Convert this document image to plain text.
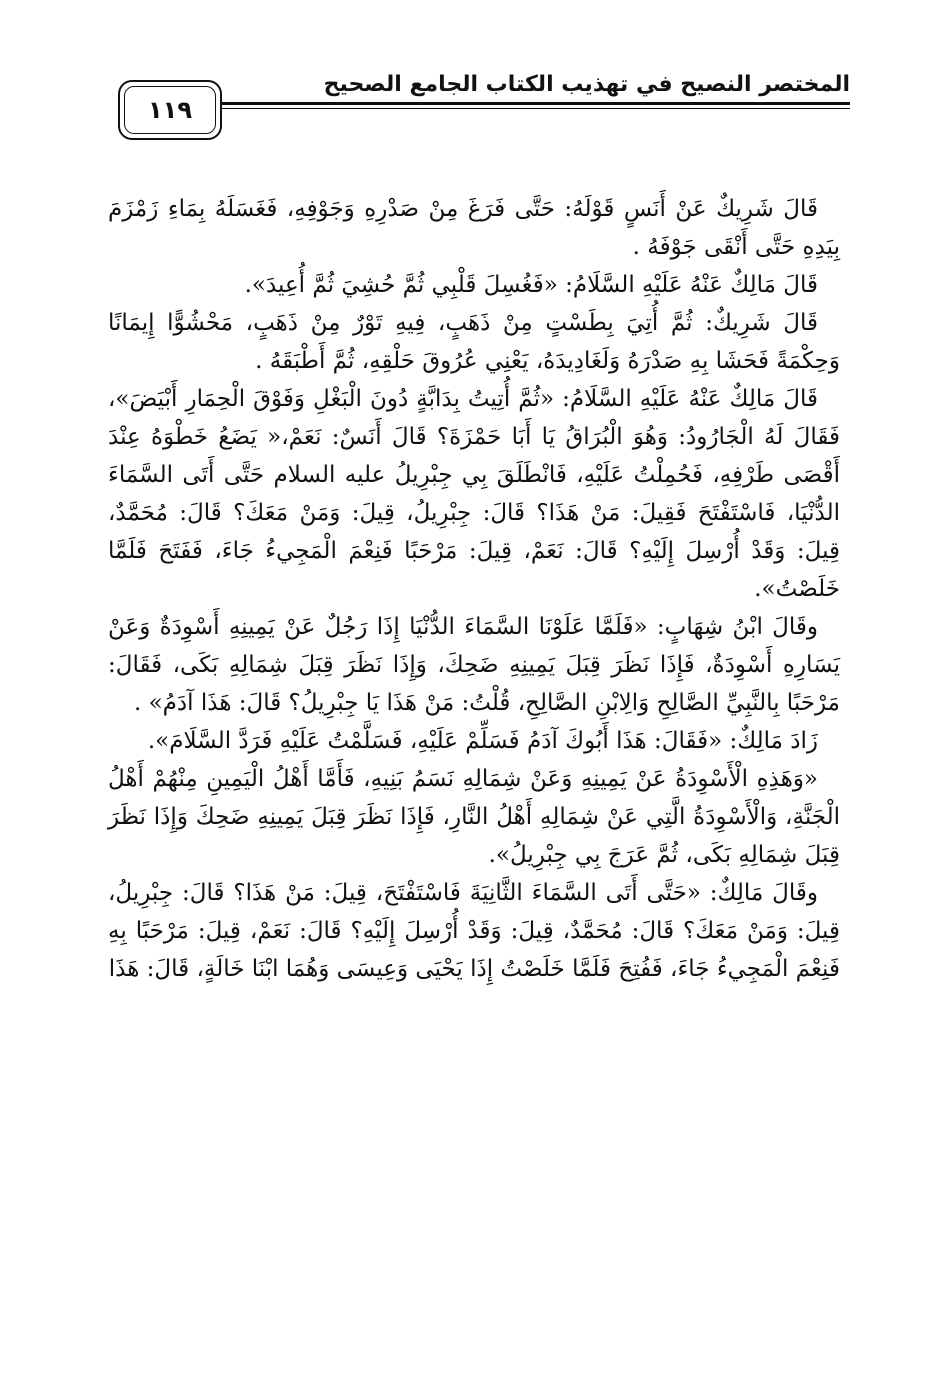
المختصر النصيح في تهذيب الكتاب الجامع الصحيح
١١٩

قَالَ شَرِيكٌ عَنْ أَنَسٍ قَوْلَهُ: حَتَّى فَرَغَ مِنْ صَدْرِهِ وَجَوْفِهِ، فَغَسَلَهُ بِمَاءِ زَمْزَمَ بِيَدِهِ حَتَّى أَنْقَى جَوْفَهُ .

قَالَ مَالِكٌ عَنْهُ عَلَيْهِ السَّلَامُ: «فَغُسِلَ قَلْبِي ثُمَّ حُشِيَ ثُمَّ أُعِيدَ».

قَالَ شَرِيكٌ: ثُمَّ أُتِيَ بِطَسْتٍ مِنْ ذَهَبٍ، فِيهِ تَوْرٌ مِنْ ذَهَبٍ، مَحْشُوًّا إِيمَانًا وَحِكْمَةً فَحَشَا بِهِ صَدْرَهُ وَلَغَادِيدَهُ، يَعْنِي عُرُوقَ حَلْقِهِ، ثُمَّ أَطْبَقَهُ .

قَالَ مَالِكٌ عَنْهُ عَلَيْهِ السَّلَامُ: «ثُمَّ أُتِيتُ بِدَابَّةٍ دُونَ الْبَغْلِ وَفَوْقَ الْحِمَارِ أَبْيَضَ»، فَقَالَ لَهُ الْجَارُودُ: وَهُوَ الْبُرَاقُ يَا أَبَا حَمْزَةَ؟ قَالَ أَنَسٌ: نَعَمْ،« يَضَعُ خَطْوَهُ عِنْدَ أَقْصَى طَرْفِهِ، فَحُمِلْتُ عَلَيْهِ، فَانْطَلَقَ بِي جِبْرِيلُ عليه السلام حَتَّى أَتَى السَّمَاءَ الدُّنْيَا، فَاسْتَفْتَحَ فَقِيلَ: مَنْ هَذَا؟ قَالَ: جِبْرِيلُ، قِيلَ: وَمَنْ مَعَكَ؟ قَالَ: مُحَمَّدٌ، قِيلَ: وَقَدْ أُرْسِلَ إِلَيْهِ؟ قَالَ: نَعَمْ، قِيلَ: مَرْحَبًا فَنِعْمَ الْمَجِيءُ جَاءَ، فَفَتَحَ فَلَمَّا خَلَصْتُ».

وقَالَ ابْنُ شِهَابٍ: «فَلَمَّا عَلَوْنَا السَّمَاءَ الدُّنْيَا إِذَا رَجُلٌ عَنْ يَمِينِهِ أَسْوِدَةٌ وَعَنْ يَسَارِهِ أَسْوِدَةٌ، فَإِذَا نَظَرَ قِبَلَ يَمِينِهِ ضَحِكَ، وَإِذَا نَظَرَ قِبَلَ شِمَالِهِ بَكَى، فَقَالَ: مَرْحَبًا بِالنَّبِيِّ الصَّالِحِ وَالِابْنِ الصَّالِحِ، قُلْتُ: مَنْ هَذَا يَا جِبْرِيلُ؟ قَالَ: هَذَا آدَمُ» .

زَادَ مَالِكٌ: «فَقَالَ: هَذَا أَبُوكَ آدَمُ فَسَلِّمْ عَلَيْهِ، فَسَلَّمْتُ عَلَيْهِ فَرَدَّ السَّلَامَ».

«وَهَذِهِ الْأَسْوِدَةُ عَنْ يَمِينِهِ وَعَنْ شِمَالِهِ نَسَمُ بَنِيهِ، فَأَمَّا أَهْلُ الْيَمِينِ مِنْهُمْ أَهْلُ الْجَنَّةِ، وَالْأَسْوِدَةُ الَّتِي عَنْ شِمَالِهِ أَهْلُ النَّارِ، فَإِذَا نَظَرَ قِبَلَ يَمِينِهِ ضَحِكَ وَإِذَا نَظَرَ قِبَلَ شِمَالِهِ بَكَى، ثُمَّ عَرَجَ بِي جِبْرِيلُ».

وقَالَ مَالِكٌ: «حَتَّى أَتَى السَّمَاءَ الثَّانِيَةَ فَاسْتَفْتَحَ، قِيلَ: مَنْ هَذَا؟ قَالَ: جِبْرِيلُ، قِيلَ: وَمَنْ مَعَكَ؟ قَالَ: مُحَمَّدٌ، قِيلَ: وَقَدْ أُرْسِلَ إِلَيْهِ؟ قَالَ: نَعَمْ، قِيلَ: مَرْحَبًا بِهِ فَنِعْمَ الْمَجِيءُ جَاءَ، فَفُتِحَ فَلَمَّا خَلَصْتُ إِذَا يَحْيَى وَعِيسَى وَهُمَا ابْنَا خَالَةٍ، قَالَ: هَذَا
